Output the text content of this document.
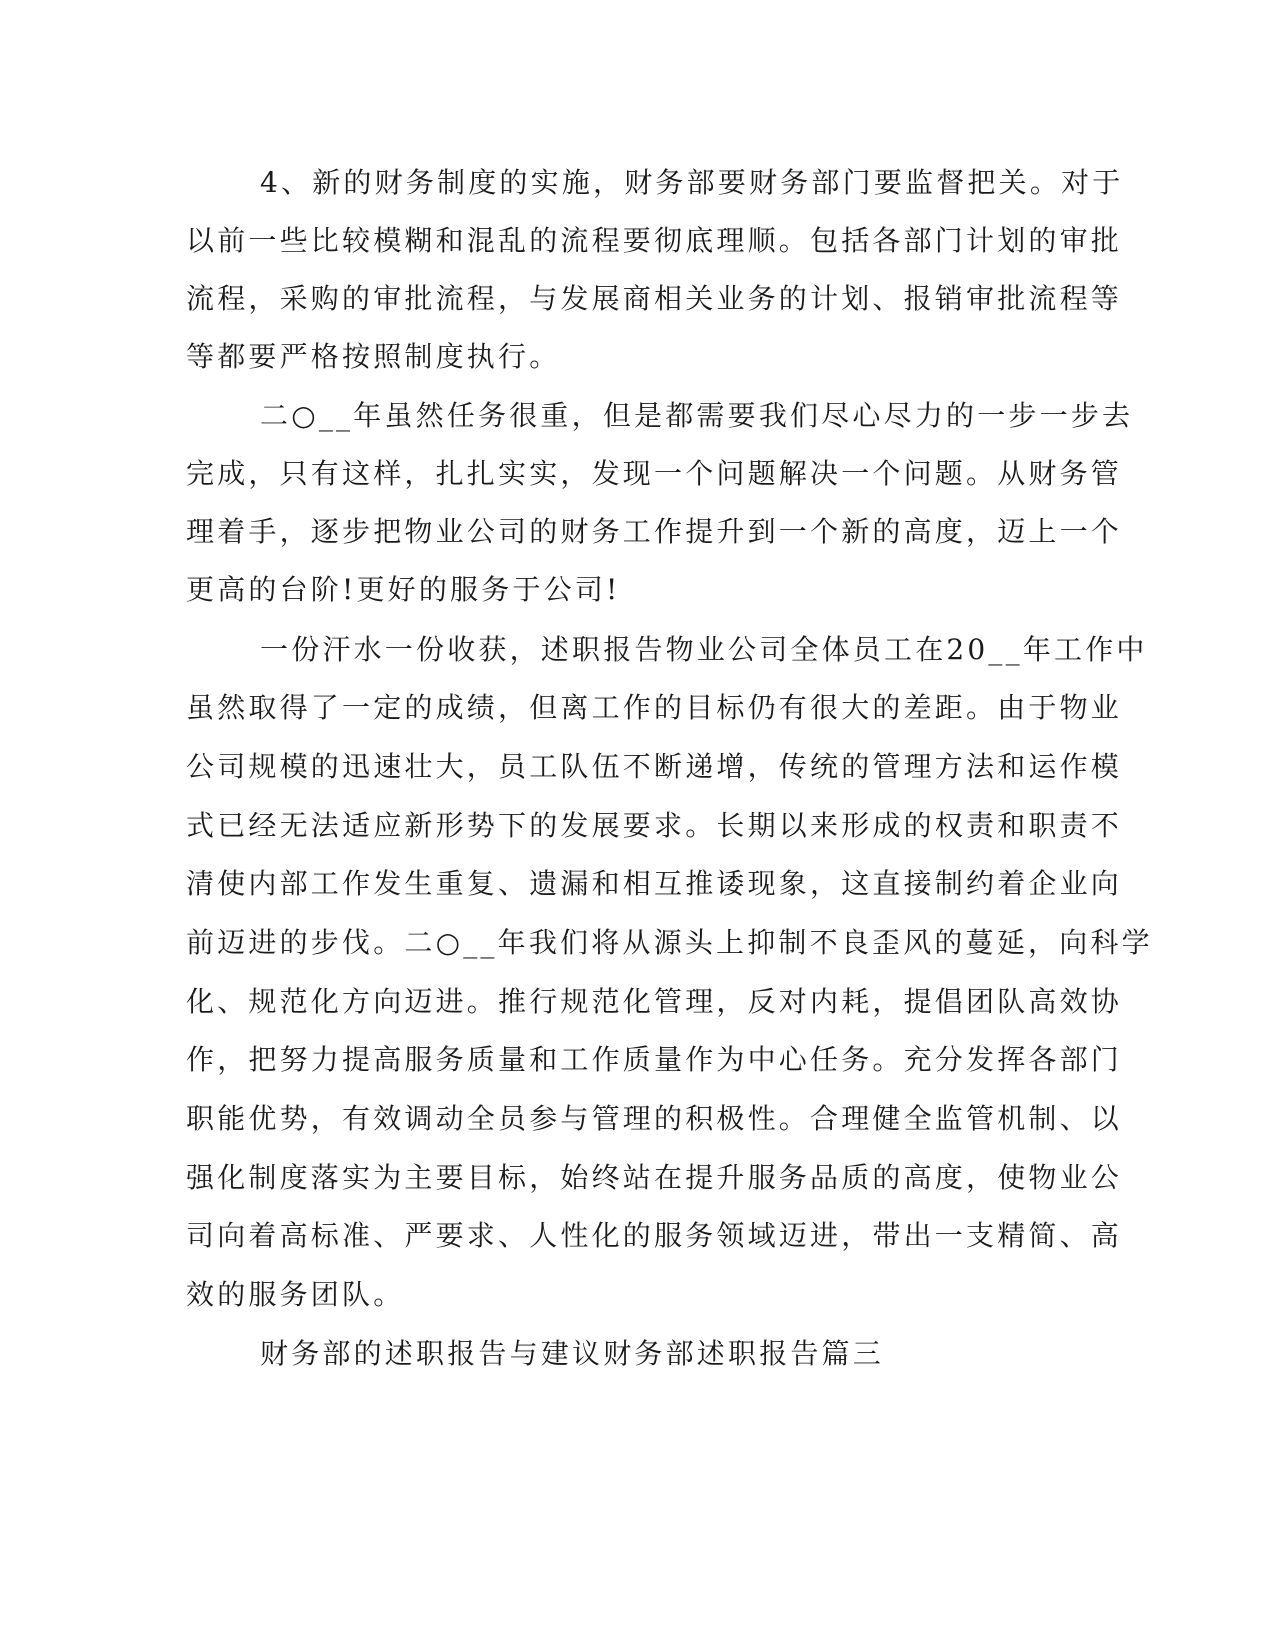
4、新的财务制度的实施，财务部要财务部门要监督把关。对于

以前一些比较模糊和混乱的流程要彻底理顺。包括各部门计划的审批

流程，采购的审批流程，与发展商相关业务的计划、报销审批流程等

等都要严格按照制度执行。

二○__年虽然任务很重，但是都需要我们尽心尽力的一步一步去

完成，只有这样，扎扎实实，发现一个问题解决一个问题。从财务管

理着手，逐步把物业公司的财务工作提升到一个新的高度，迈上一个

更高的台阶!更好的服务于公司!

一份汗水一份收获，述职报告物业公司全体员工在20__年工作中

虽然取得了一定的成绩，但离工作的目标仍有很大的差距。由于物业

公司规模的迅速壮大，员工队伍不断递增，传统的管理方法和运作模

式已经无法适应新形势下的发展要求。长期以来形成的权责和职责不

清使内部工作发生重复、遗漏和相互推诿现象，这直接制约着企业向

前迈进的步伐。二○__年我们将从源头上抑制不良歪风的蔓延，向科学

化、规范化方向迈进。推行规范化管理，反对内耗，提倡团队高效协

作，把努力提高服务质量和工作质量作为中心任务。充分发挥各部门

职能优势，有效调动全员参与管理的积极性。合理健全监管机制、以

强化制度落实为主要目标，始终站在提升服务品质的高度，使物业公

司向着高标准、严要求、人性化的服务领域迈进，带出一支精简、高

效的服务团队。

财务部的述职报告与建议财务部述职报告篇三
